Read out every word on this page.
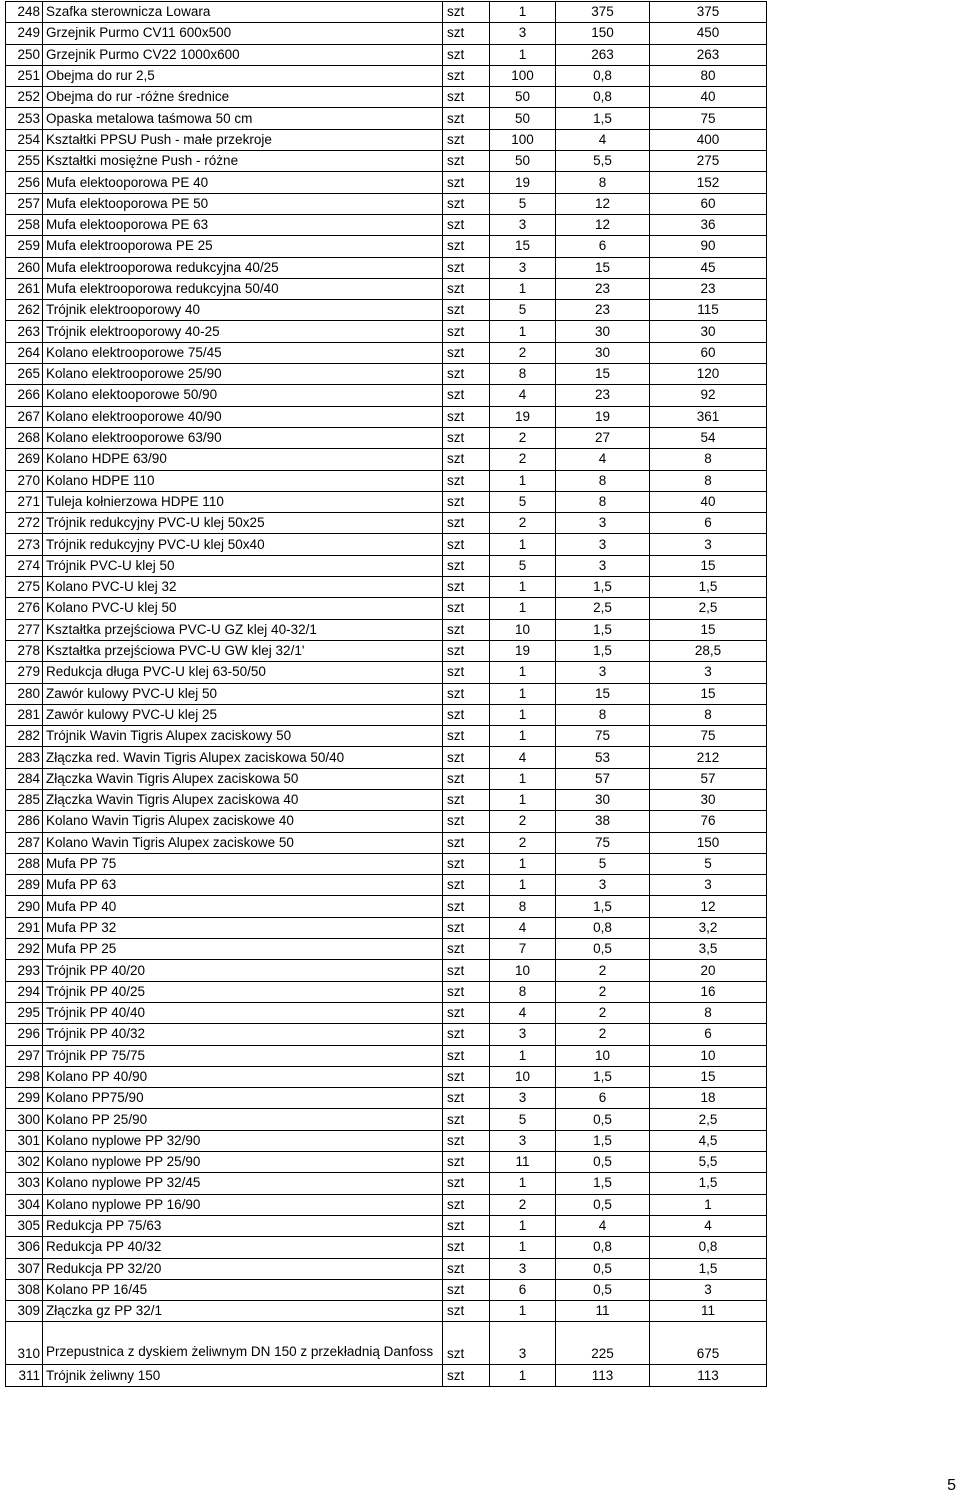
248	Szafka sterownicza Lowara	szt	1	375	375
249	Grzejnik Purmo CV11 600x500	szt	3	150	450
250	Grzejnik Purmo CV22 1000x600	szt	1	263	263
251	Obejma do rur 2,5	szt	100	0,8	80
252	Obejma do rur -różne średnice	szt	50	0,8	40
253	Opaska metalowa taśmowa 50 cm	szt	50	1,5	75
254	Kształtki PPSU Push - małe przekroje	szt	100	4	400
255	Kształtki mosiężne Push - różne	szt	50	5,5	275
256	Mufa elektooporowa PE 40	szt	19	8	152
257	Mufa elektooporowa PE 50	szt	5	12	60
258	Mufa elektooporowa PE 63	szt	3	12	36
259	Mufa elektrooporowa PE 25	szt	15	6	90
260	Mufa elektrooporowa redukcyjna 40/25	szt	3	15	45
261	Mufa elektrooporowa redukcyjna 50/40	szt	1	23	23
262	Trójnik elektrooporowy 40	szt	5	23	115
263	Trójnik elektrooporowy 40-25	szt	1	30	30
264	Kolano elektrooporowe 75/45	szt	2	30	60
265	Kolano elektrooporowe 25/90	szt	8	15	120
266	Kolano elektooporowe 50/90	szt	4	23	92
267	Kolano elektrooporowe 40/90	szt	19	19	361
268	Kolano elektrooporowe 63/90	szt	2	27	54
269	Kolano HDPE 63/90	szt	2	4	8
270	Kolano HDPE 110	szt	1	8	8
271	Tuleja kołnierzowa HDPE 110	szt	5	8	40
272	Trójnik redukcyjny PVC-U klej 50x25	szt	2	3	6
273	Trójnik redukcyjny PVC-U klej 50x40	szt	1	3	3
274	Trójnik PVC-U klej 50	szt	5	3	15
275	Kolano PVC-U klej 32	szt	1	1,5	1,5
276	Kolano PVC-U klej 50	szt	1	2,5	2,5
277	Kształtka przejściowa PVC-U GZ klej 40-32/1	szt	10	1,5	15
278	Kształtka przejściowa PVC-U GW klej 32/1ʹ	szt	19	1,5	28,5
279	Redukcja długa PVC-U klej 63-50/50	szt	1	3	3
280	Zawór kulowy PVC-U klej 50	szt	1	15	15
281	Zawór kulowy PVC-U klej 25	szt	1	8	8
282	Trójnik Wavin Tigris Alupex zaciskowy 50	szt	1	75	75
283	Złączka red. Wavin Tigris Alupex zaciskowa 50/40	szt	4	53	212
284	Złączka Wavin Tigris Alupex zaciskowa 50	szt	1	57	57
285	Złączka Wavin Tigris Alupex zaciskowa 40	szt	1	30	30
286	Kolano Wavin Tigris Alupex zaciskowe 40	szt	2	38	76
287	Kolano Wavin Tigris Alupex zaciskowe 50	szt	2	75	150
288	Mufa PP 75	szt	1	5	5
289	Mufa PP 63	szt	1	3	3
290	Mufa PP 40	szt	8	1,5	12
291	Mufa PP 32	szt	4	0,8	3,2
292	Mufa PP 25	szt	7	0,5	3,5
293	Trójnik PP 40/20	szt	10	2	20
294	Trójnik PP 40/25	szt	8	2	16
295	Trójnik PP 40/40	szt	4	2	8
296	Trójnik PP 40/32	szt	3	2	6
297	Trójnik PP 75/75	szt	1	10	10
298	Kolano PP 40/90	szt	10	1,5	15
299	Kolano PP75/90	szt	3	6	18
300	Kolano PP 25/90	szt	5	0,5	2,5
301	Kolano nyplowe PP 32/90	szt	3	1,5	4,5
302	Kolano nyplowe PP 25/90	szt	11	0,5	5,5
303	Kolano nyplowe PP 32/45	szt	1	1,5	1,5
304	Kolano nyplowe PP 16/90	szt	2	0,5	1
305	Redukcja PP 75/63	szt	1	4	4
306	Redukcja PP 40/32	szt	1	0,8	0,8
307	Redukcja PP 32/20	szt	3	0,5	1,5
308	Kolano PP 16/45	szt	6	0,5	3
309	Złączka gz PP 32/1	szt	1	11	11
310	Przepustnica z dyskiem żeliwnym DN 150 z przekładnią Danfoss	szt	3	225	675
311	Trójnik żeliwny 150	szt	1	113	113
5
